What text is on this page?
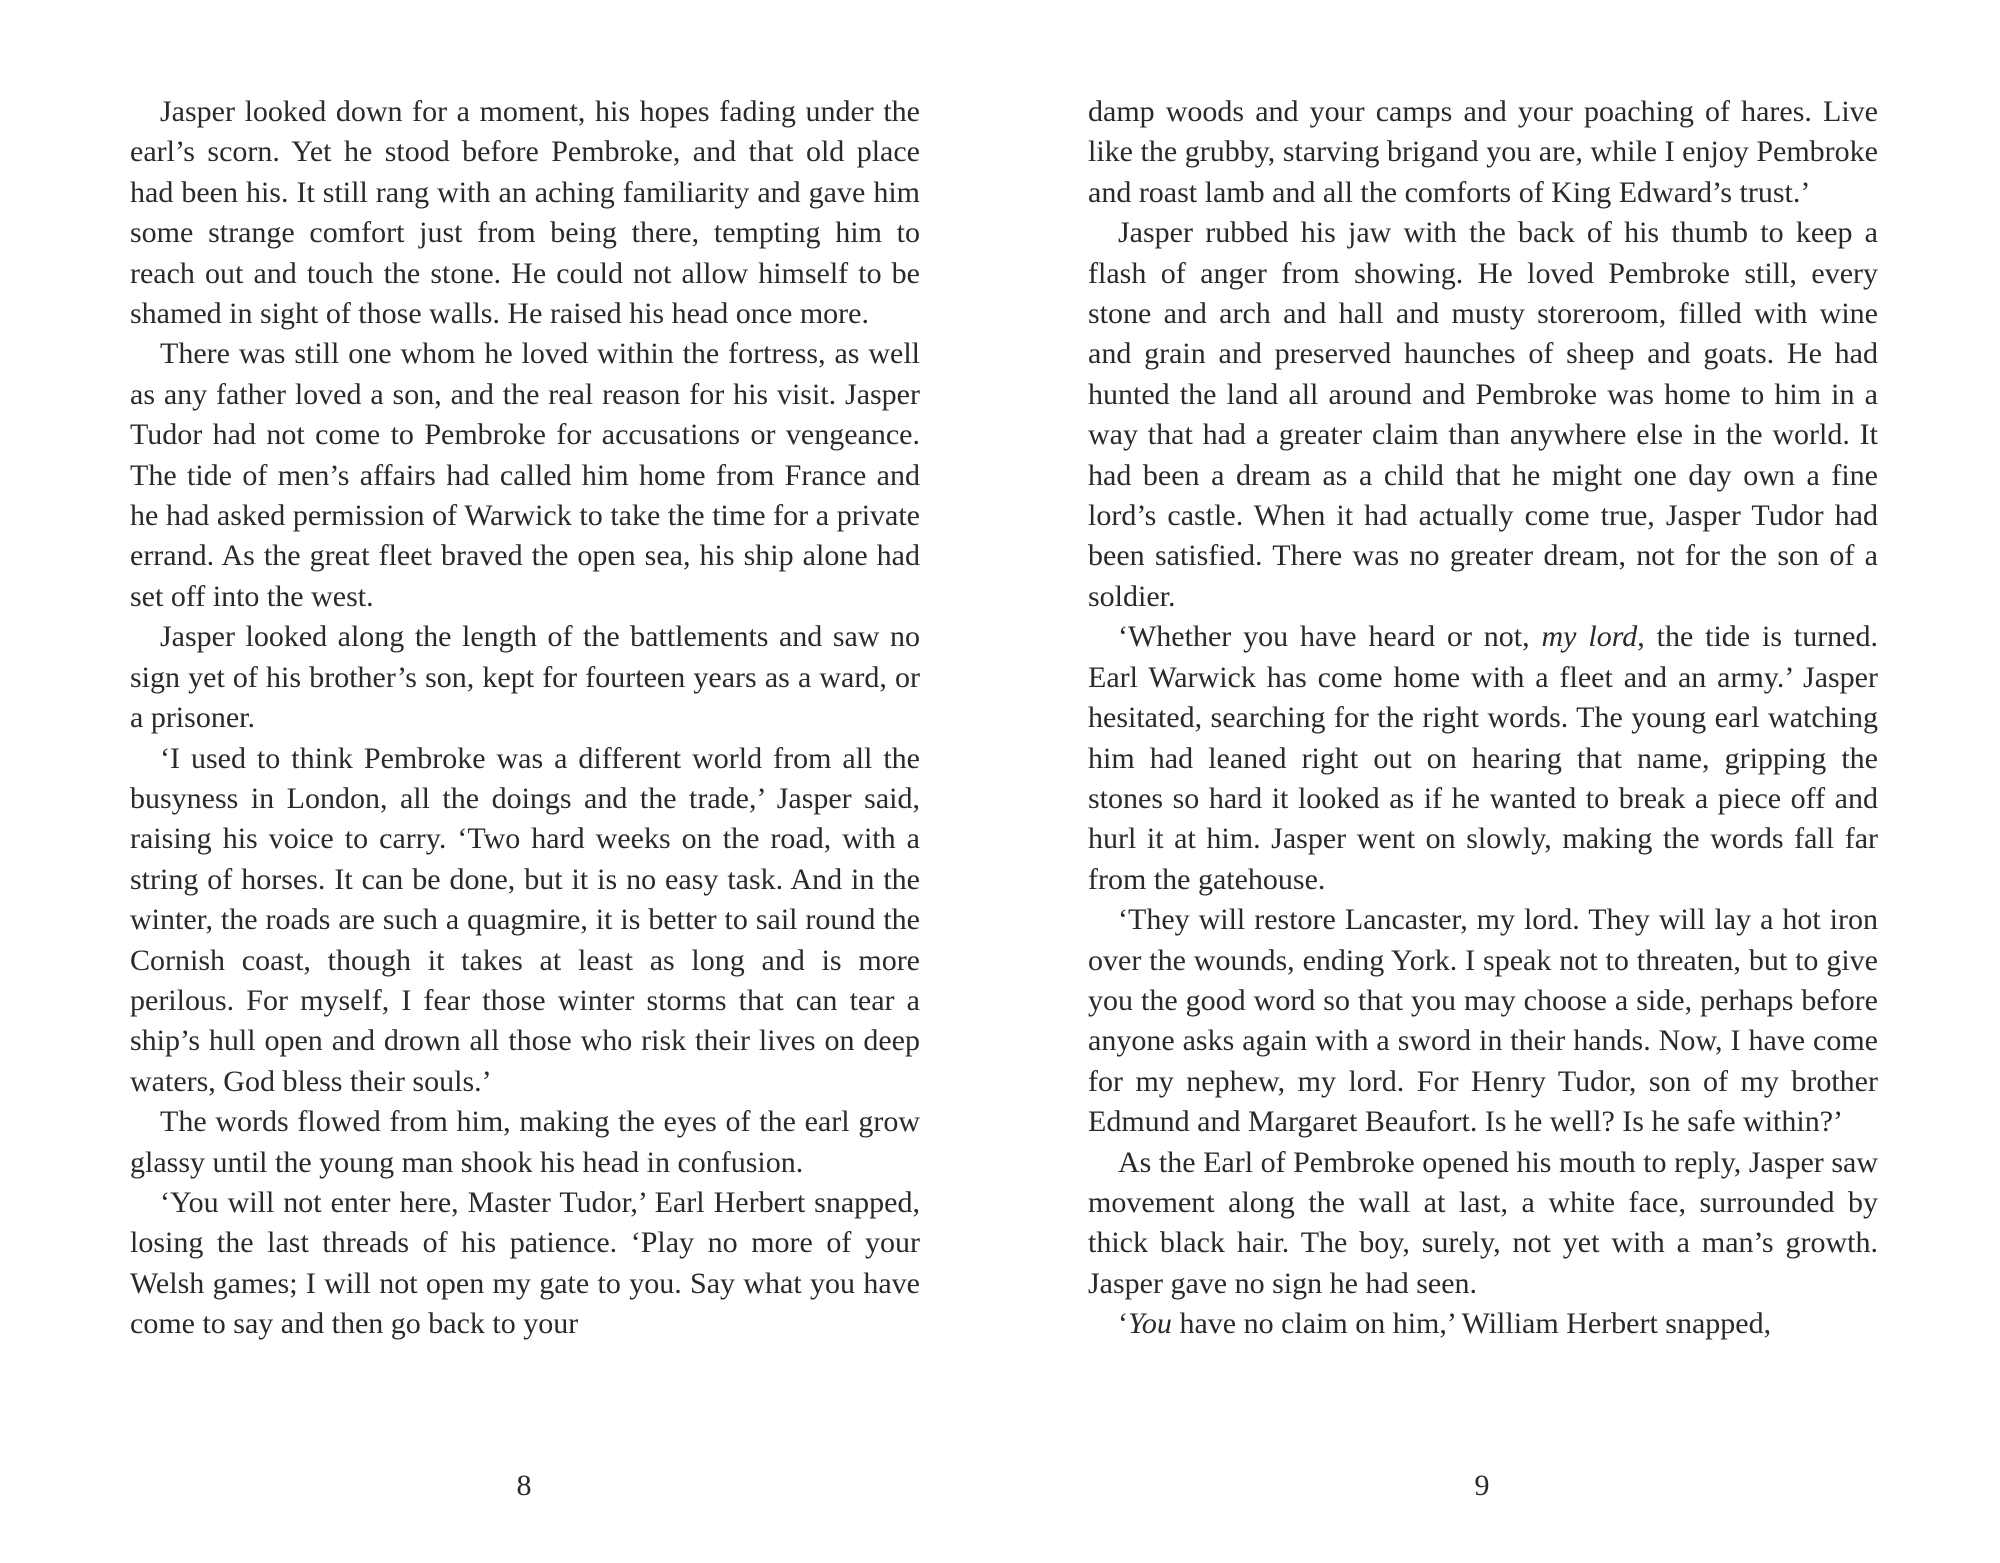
Jasper looked down for a moment, his hopes fading under the earl’s scorn. Yet he stood before Pembroke, and that old place had been his. It still rang with an aching familiarity and gave him some strange comfort just from being there, tempting him to reach out and touch the stone. He could not allow himself to be shamed in sight of those walls. He raised his head once more.

There was still one whom he loved within the fortress, as well as any father loved a son, and the real reason for his visit. Jasper Tudor had not come to Pembroke for accusations or vengeance. The tide of men’s affairs had called him home from France and he had asked permission of Warwick to take the time for a private errand. As the great fleet braved the open sea, his ship alone had set off into the west.

Jasper looked along the length of the battlements and saw no sign yet of his brother’s son, kept for fourteen years as a ward, or a prisoner.

‘I used to think Pembroke was a different world from all the busyness in London, all the doings and the trade,’ Jasper said, raising his voice to carry. ‘Two hard weeks on the road, with a string of horses. It can be done, but it is no easy task. And in the winter, the roads are such a quagmire, it is better to sail round the Cornish coast, though it takes at least as long and is more perilous. For myself, I fear those winter storms that can tear a ship’s hull open and drown all those who risk their lives on deep waters, God bless their souls.’

The words flowed from him, making the eyes of the earl grow glassy until the young man shook his head in confusion.

‘You will not enter here, Master Tudor,’ Earl Herbert snapped, losing the last threads of his patience. ‘Play no more of your Welsh games; I will not open my gate to you. Say what you have come to say and then go back to your

8

damp woods and your camps and your poaching of hares. Live like the grubby, starving brigand you are, while I enjoy Pembroke and roast lamb and all the comforts of King Edward’s trust.’

Jasper rubbed his jaw with the back of his thumb to keep a flash of anger from showing. He loved Pembroke still, every stone and arch and hall and musty storeroom, filled with wine and grain and preserved haunches of sheep and goats. He had hunted the land all around and Pembroke was home to him in a way that had a greater claim than anywhere else in the world. It had been a dream as a child that he might one day own a fine lord’s castle. When it had actually come true, Jasper Tudor had been satisfied. There was no greater dream, not for the son of a soldier.

‘Whether you have heard or not, my lord, the tide is turned. Earl Warwick has come home with a fleet and an army.’ Jasper hesitated, searching for the right words. The young earl watching him had leaned right out on hearing that name, gripping the stones so hard it looked as if he wanted to break a piece off and hurl it at him. Jasper went on slowly, making the words fall far from the gatehouse.

‘They will restore Lancaster, my lord. They will lay a hot iron over the wounds, ending York. I speak not to threaten, but to give you the good word so that you may choose a side, perhaps before anyone asks again with a sword in their hands. Now, I have come for my nephew, my lord. For Henry Tudor, son of my brother Edmund and Margaret Beaufort. Is he well? Is he safe within?’

As the Earl of Pembroke opened his mouth to reply, Jasper saw movement along the wall at last, a white face, surrounded by thick black hair. The boy, surely, not yet with a man’s growth. Jasper gave no sign he had seen.

‘You have no claim on him,’ William Herbert snapped,

9
